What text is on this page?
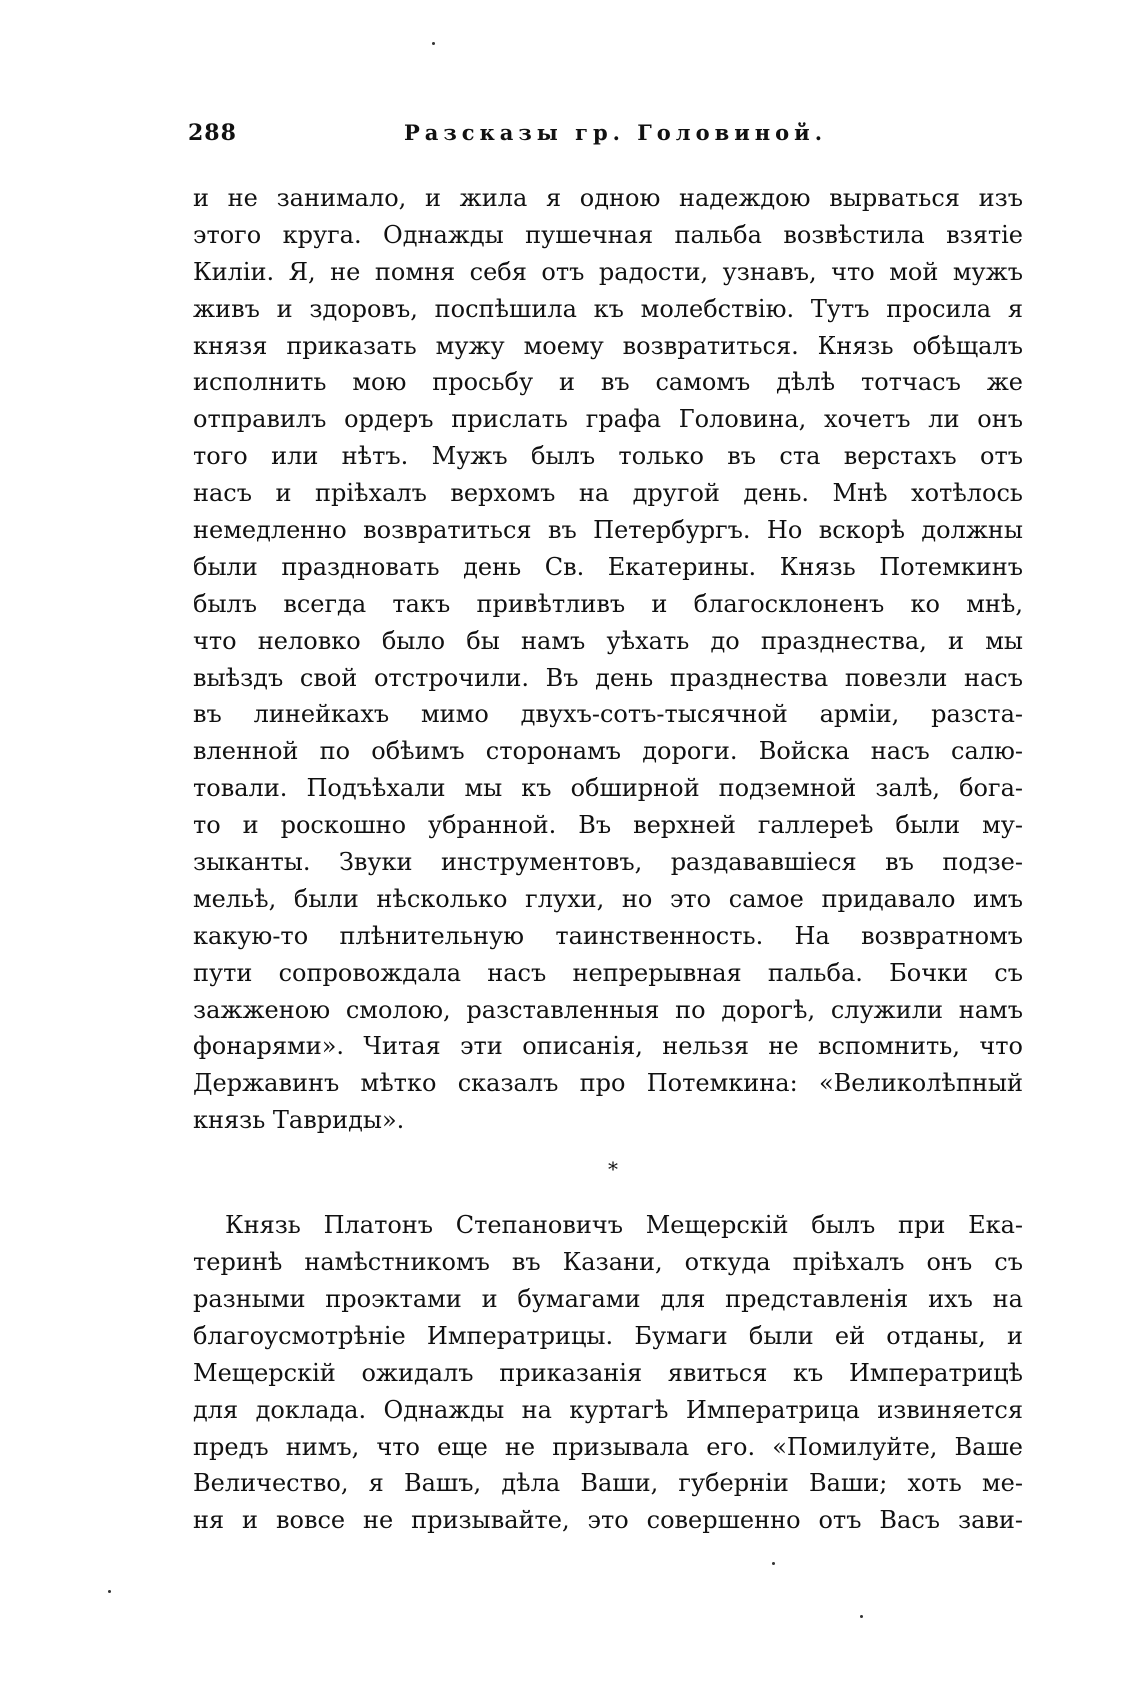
288	Разсказы гр. Головиной.
и не занимало, и жила я одною надеждою вырваться изъ
этого круга. Однажды пушечная пальба возвѣстила взятіе
Киліи. Я, не помня себя отъ радости, узнавъ, что мой мужъ
живъ и здоровъ, поспѣшила къ молебствію. Тутъ просила я
князя приказать мужу моему возвратиться. Князь обѣщалъ
исполнить мою просьбу и въ самомъ дѣлѣ тотчасъ же
отправилъ ордеръ прислать графа Головина, хочетъ ли онъ
того или нѣтъ. Мужъ былъ только въ ста верстахъ отъ
насъ и пріѣхалъ верхомъ на другой день. Мнѣ хотѣлось
немедленно возвратиться въ Петербургъ. Но вскорѣ должны
были праздновать день Св. Екатерины. Князь Потемкинъ
былъ всегда такъ привѣтливъ и благосклоненъ ко мнѣ,
что неловко было бы намъ уѣхать до празднества, и мы
выѣздъ свой отстрочили. Въ день празднества повезли насъ
въ линейкахъ мимо двухъ-сотъ-тысячной арміи, разста-
вленной по обѣимъ сторонамъ дороги. Войска насъ салю-
товали. Подъѣхали мы къ обширной подземной залѣ, бога-
то и роскошно убранной. Въ верхней галлереѣ были му-
зыканты. Звуки инструментовъ, раздававшіеся въ подзе-
мельѣ, были нѣсколько глухи, но это самое придавало имъ
какую-то плѣнительную таинственность. На возвратномъ
пути сопровождала насъ непрерывная пальба. Бочки съ
зажженою смолою, разставленныя по дорогѣ, служили намъ
фонарями». Читая эти описанія, нельзя не вспомнить, что
Державинъ мѣтко сказалъ про Потемкина: «Великолѣпный
князь Тавриды».
*
Князь Платонъ Степановичъ Мещерскій былъ при Ека-
теринѣ намѣстникомъ въ Казани, откуда пріѣхалъ онъ съ
разными проэктами и бумагами для представленія ихъ на
благоусмотрѣніе Императрицы. Бумаги были ей отданы, и
Мещерскій ожидалъ приказанія явиться къ Императрицѣ
для доклада. Однажды на куртагѣ Императрица извиняется
предъ нимъ, что еще не призывала его. «Помилуйте, Ваше
Величество, я Вашъ, дѣла Ваши, губерніи Ваши; хоть ме-
ня и вовсе не призывайте, это совершенно отъ Васъ зави-
